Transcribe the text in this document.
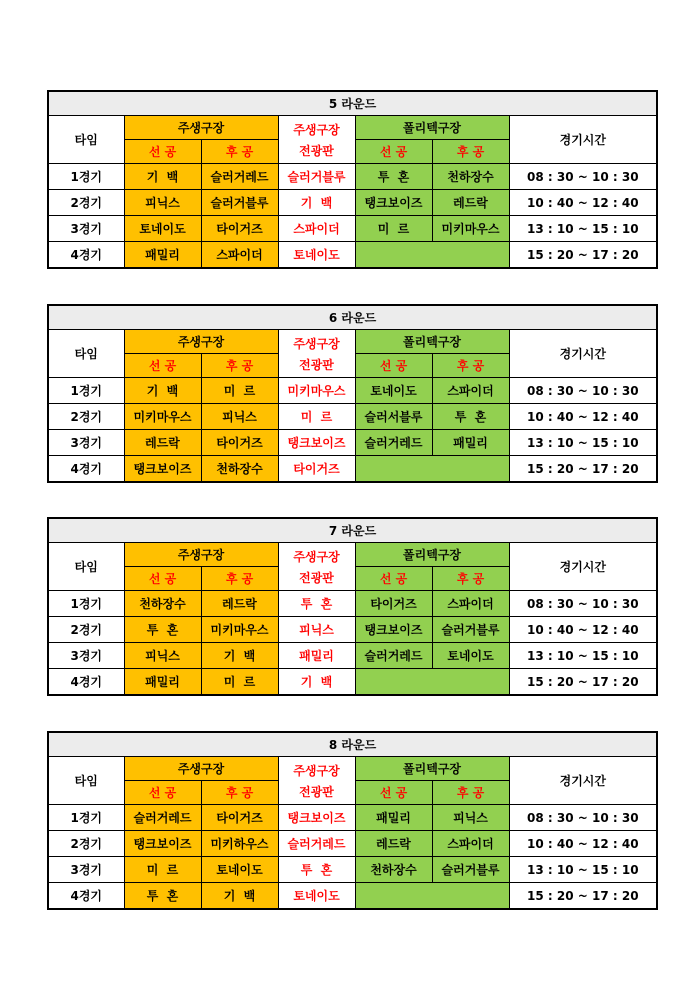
5 라운드						
타임	주생구장		주생구장
전광판	폴리텍구장		경기시간
	선 공	후 공		선 공	후 공	
1경기	기  백	슬러거레드	슬러거블루	투  혼	천하장수	08 : 30 ~ 10 : 30
2경기	피닉스	슬러거블루	기  백	탱크보이즈	레드락	10 : 40 ~ 12 : 40
3경기	토네이도	타이거즈	스파이더	미  르	미키마우스	13 : 10 ~ 15 : 10
4경기	패밀리	스파이더	토네이도			15 : 20 ~ 17 : 20
6 라운드						
타임	주생구장		주생구장
전광판	폴리텍구장		경기시간
	선 공	후 공		선 공	후 공	
1경기	기  백	미  르	미키마우스	토네이도	스파이더	08 : 30 ~ 10 : 30
2경기	미키마우스	피닉스	미  르	슬러서블루	투  혼	10 : 40 ~ 12 : 40
3경기	레드락	타이거즈	탱크보이즈	슬러거레드	패밀리	13 : 10 ~ 15 : 10
4경기	탱크보이즈	천하장수	타이거즈			15 : 20 ~ 17 : 20
7 라운드						
타임	주생구장		주생구장
전광판	폴리텍구장		경기시간
	선 공	후 공		선 공	후 공	
1경기	천하장수	레드락	투  혼	타이거즈	스파이더	08 : 30 ~ 10 : 30
2경기	투  혼	미키마우스	피닉스	탱크보이즈	슬러거블루	10 : 40 ~ 12 : 40
3경기	피닉스	기  백	패밀리	슬러거레드	토네이도	13 : 10 ~ 15 : 10
4경기	패밀리	미  르	기  백			15 : 20 ~ 17 : 20
8 라운드						
타임	주생구장		주생구장
전광판	폴리텍구장		경기시간
	선 공	후 공		선 공	후 공	
1경기	슬러거레드	타이거즈	탱크보이즈	패밀리	피닉스	08 : 30 ~ 10 : 30
2경기	탱크보이즈	미키하우스	슬러거레드	레드락	스파이더	10 : 40 ~ 12 : 40
3경기	미  르	토네이도	투  혼	천하장수	슬러거블루	13 : 10 ~ 15 : 10
4경기	투  혼	기  백	토네이도			15 : 20 ~ 17 : 20
